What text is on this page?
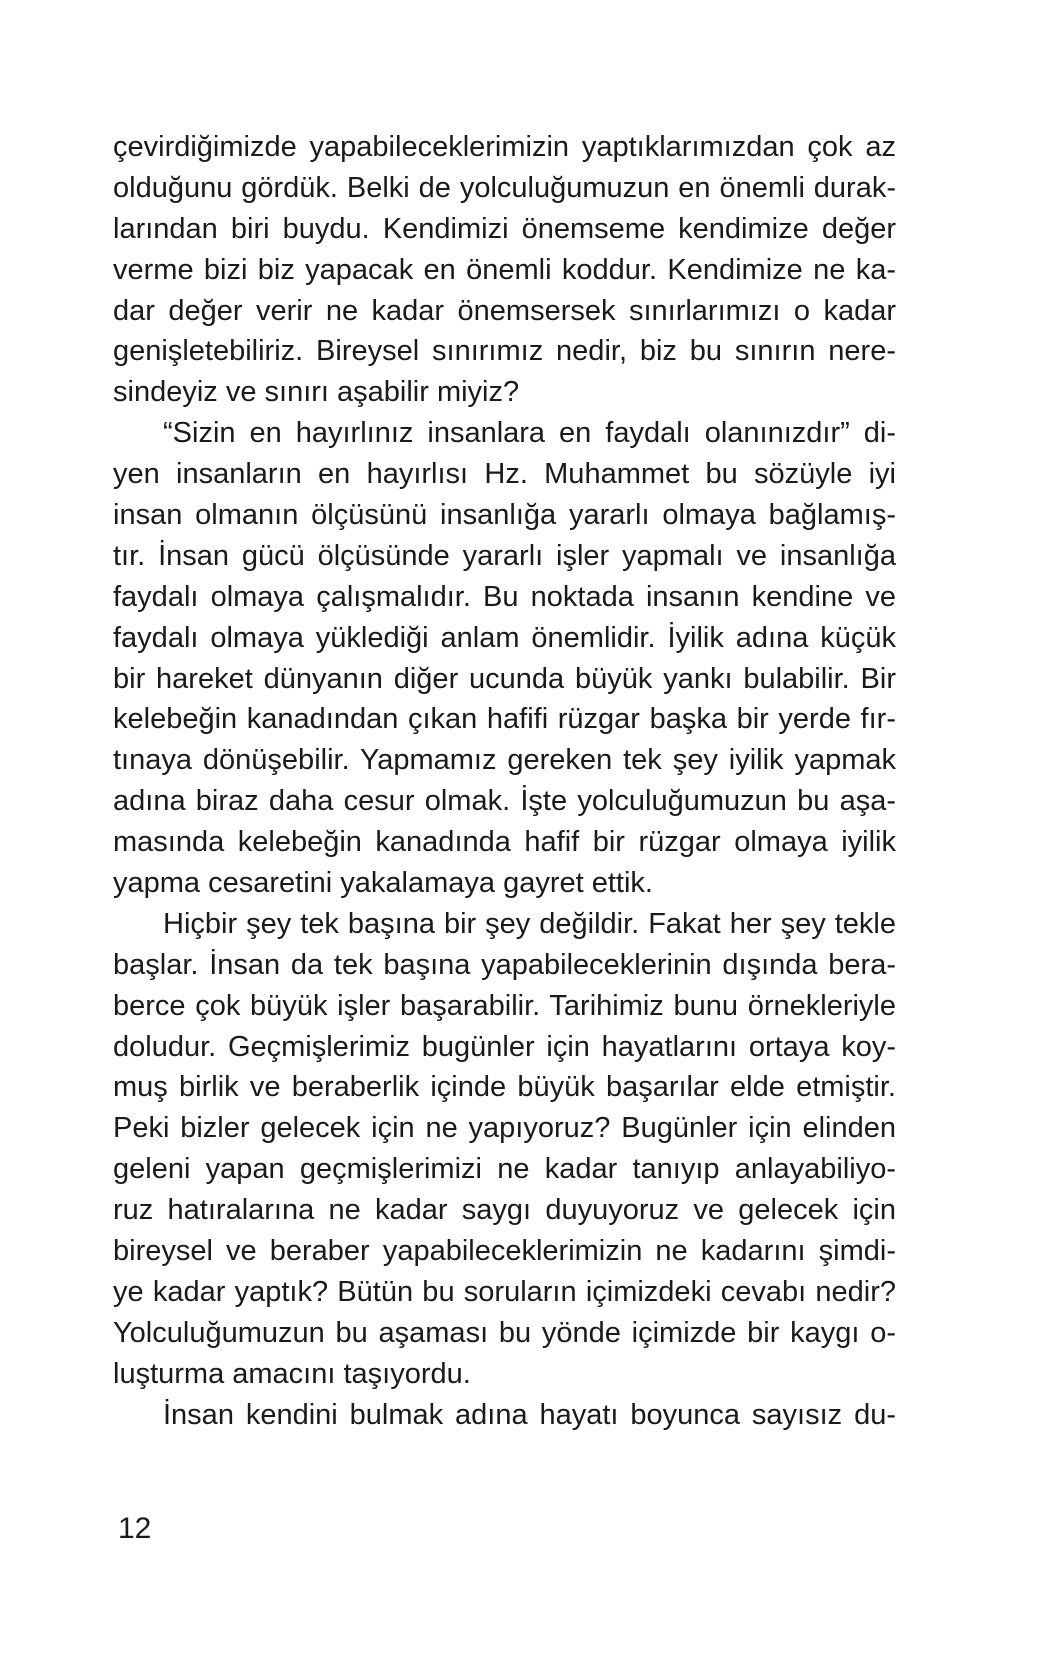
çevirdiğimizde yapabileceklerimizin yaptıklarımızdan çok az
olduğunu gördük. Belki de yolculuğumuzun en önemli durak-
larından biri buydu. Kendimizi önemseme kendimize değer
verme bizi biz yapacak en önemli koddur. Kendimize ne ka-
dar değer verir ne kadar önemsersek sınırlarımızı o kadar
genişletebiliriz. Bireysel sınırımız nedir, biz bu sınırın nere-
sindeyiz ve sınırı aşabilir miyiz?
“Sizin en hayırlınız insanlara en faydalı olanınızdır” di-
yen insanların en hayırlısı Hz. Muhammet bu sözüyle iyi
insan olmanın ölçüsünü insanlığa yararlı olmaya bağlamış-
tır. İnsan gücü ölçüsünde yararlı işler yapmalı ve insanlığa
faydalı olmaya çalışmalıdır. Bu noktada insanın kendine ve
faydalı olmaya yüklediği anlam önemlidir. İyilik adına küçük
bir hareket dünyanın diğer ucunda büyük yankı bulabilir. Bir
kelebeğin kanadından çıkan hafifi rüzgar başka bir yerde fır-
tınaya dönüşebilir. Yapmamız gereken tek şey iyilik yapmak
adına biraz daha cesur olmak. İşte yolculuğumuzun bu aşa-
masında kelebeğin kanadında hafif bir rüzgar olmaya iyilik
yapma cesaretini yakalamaya gayret ettik.
Hiçbir şey tek başına bir şey değildir. Fakat her şey tekle
başlar. İnsan da tek başına yapabileceklerinin dışında bera-
berce çok büyük işler başarabilir. Tarihimiz bunu örnekleriyle
doludur. Geçmişlerimiz bugünler için hayatlarını ortaya koy-
muş birlik ve beraberlik içinde büyük başarılar elde etmiştir.
Peki bizler gelecek için ne yapıyoruz? Bugünler için elinden
geleni yapan geçmişlerimizi ne kadar tanıyıp anlayabiliyo-
ruz hatıralarına ne kadar saygı duyuyoruz ve gelecek için
bireysel ve beraber yapabileceklerimizin ne kadarını şimdi-
ye kadar yaptık? Bütün bu soruların içimizdeki cevabı nedir?
Yolculuğumuzun bu aşaması bu yönde içimizde bir kaygı o-
luşturma amacını taşıyordu.
İnsan kendini bulmak adına hayatı boyunca sayısız du-
12
